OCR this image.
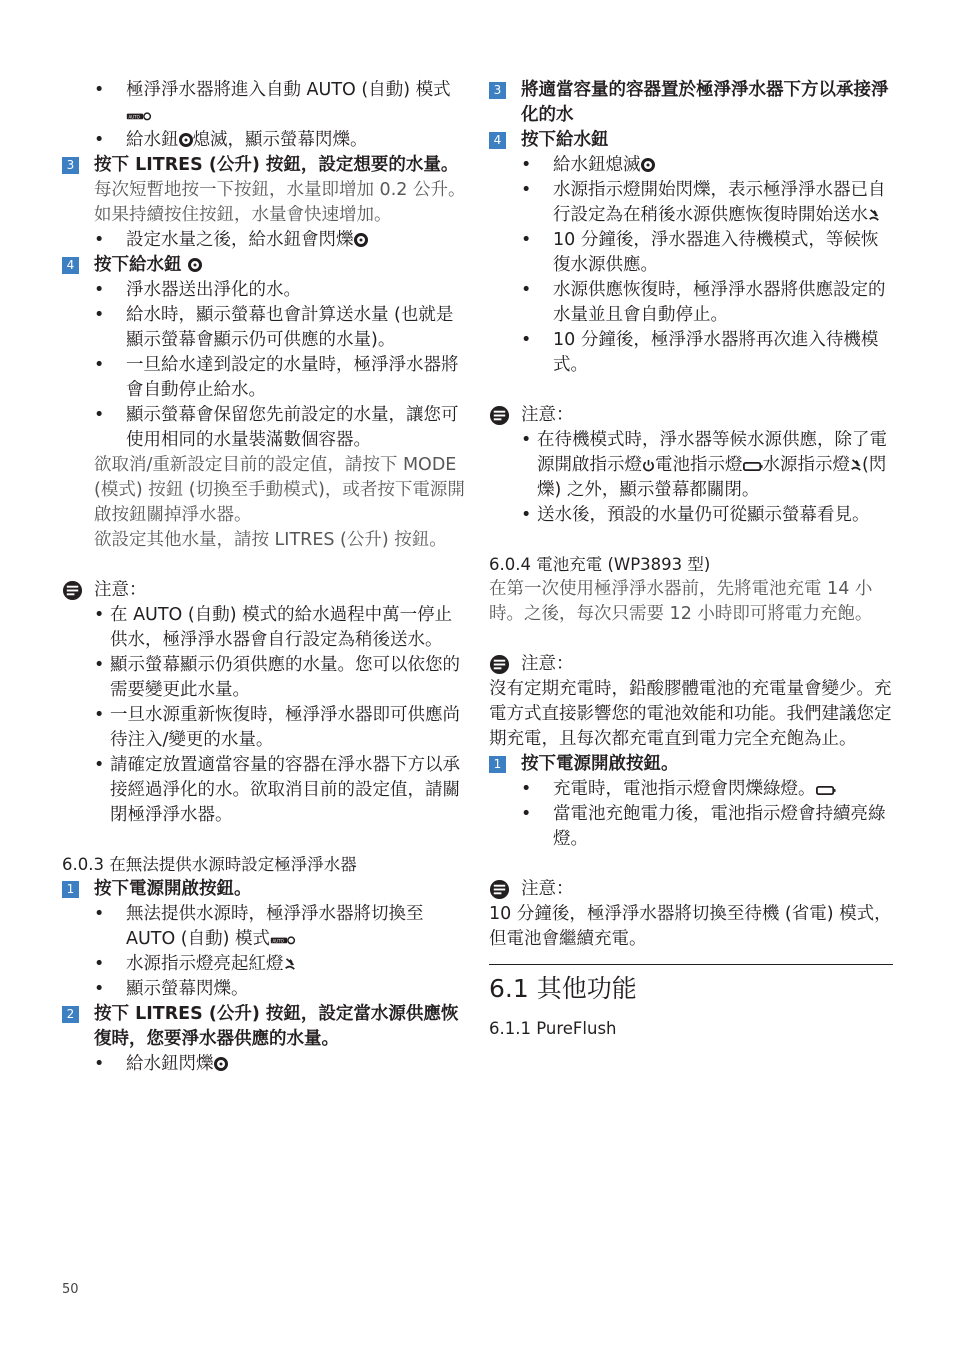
• 極淨淨水器將進入自動 AUTO (自動) 模式
• 給水鈕 熄滅，顯示螢幕閃爍。
3 按下 LITRES (公升) 按鈕，設定想要的水量。

每次短暫地按一下按鈕，水量即增加 0.2 公升。

如果持續按住按鈕，水量會快速增加。

• 設定水量之後，給水鈕會閃爍
4 按下給水鈕
• 淨水器送出淨化的水。
• 給水時，顯示螢幕也會計算送水量 (也就是顯示螢幕會顯示仍可供應的水量)。
• 一旦給水達到設定的水量時，極淨淨水器將會自動停止給水。
• 顯示螢幕會保留您先前設定的水量，讓您可使用相同的水量裝滿數個容器。

欲取消/重新設定目前的設定值，請按下 MODE (模式) 按鈕 (切換至手動模式)，或者按下電源開啟按鈕關掉淨水器。

欲設定其他水量，請按 LITRES (公升) 按鈕。

注意：
• 在 AUTO (自動) 模式的給水過程中萬一停止供水，極淨淨水器會自行設定為稍後送水。
• 顯示螢幕顯示仍須供應的水量。您可以依您的需要變更此水量。
• 一旦水源重新恢復時，極淨淨水器即可供應尚待注入/變更的水量。
• 請確定放置適當容量的容器在淨水器下方以承接經過淨化的水。欲取消目前的設定值，請關閉極淨淨水器。

6.0.3 在無法提供水源時設定極淨淨水器

1 按下電源開啟按鈕。
• 無法提供水源時，極淨淨水器將切換至 AUTO (自動) 模式
• 水源指示燈亮起紅燈
• 顯示螢幕閃爍。
2 按下 LITRES (公升) 按鈕，設定當水源供應恢復時，您要淨水器供應的水量。
• 給水鈕閃爍
3 將適當容量的容器置於極淨淨水器下方以承接淨化的水
4 按下給水鈕
• 給水鈕熄滅
• 水源指示燈開始閃爍，表示極淨淨水器已自行設定為在稍後水源供應恢復時開始送水
• 10 分鐘後，淨水器進入待機模式，等候恢復水源供應。
• 水源供應恢復時，極淨淨水器將供應設定的水量並且會自動停止。
• 10 分鐘後，極淨淨水器將再次進入待機模式。
注意：
• 在待機模式時，淨水器等候水源供應，除了電源開啟指示燈 電池指示燈 水源指示燈 (閃爍) 之外，顯示螢幕都關閉。
• 送水後，預設的水量仍可從顯示螢幕看見。

6.0.4 電池充電 (WP3893 型)

在第一次使用極淨淨水器前，先將電池充電 14 小時。之後，每次只需要 12 小時即可將電力充飽。

注意：

沒有定期充電時，鉛酸膠體電池的充電量會變少。充電方式直接影響您的電池效能和功能。我們建議您定期充電，且每次都充電直到電力完全充飽為止。

1 按下電源開啟按鈕。
• 充電時，電池指示燈會閃爍綠燈。
• 當電池充飽電力後，電池指示燈會持續亮綠燈。
注意：

10 分鐘後，極淨淨水器將切換至待機 (省電) 模式，但電池會繼續充電。

6.1 其他功能

6.1.1 PureFlush

50
